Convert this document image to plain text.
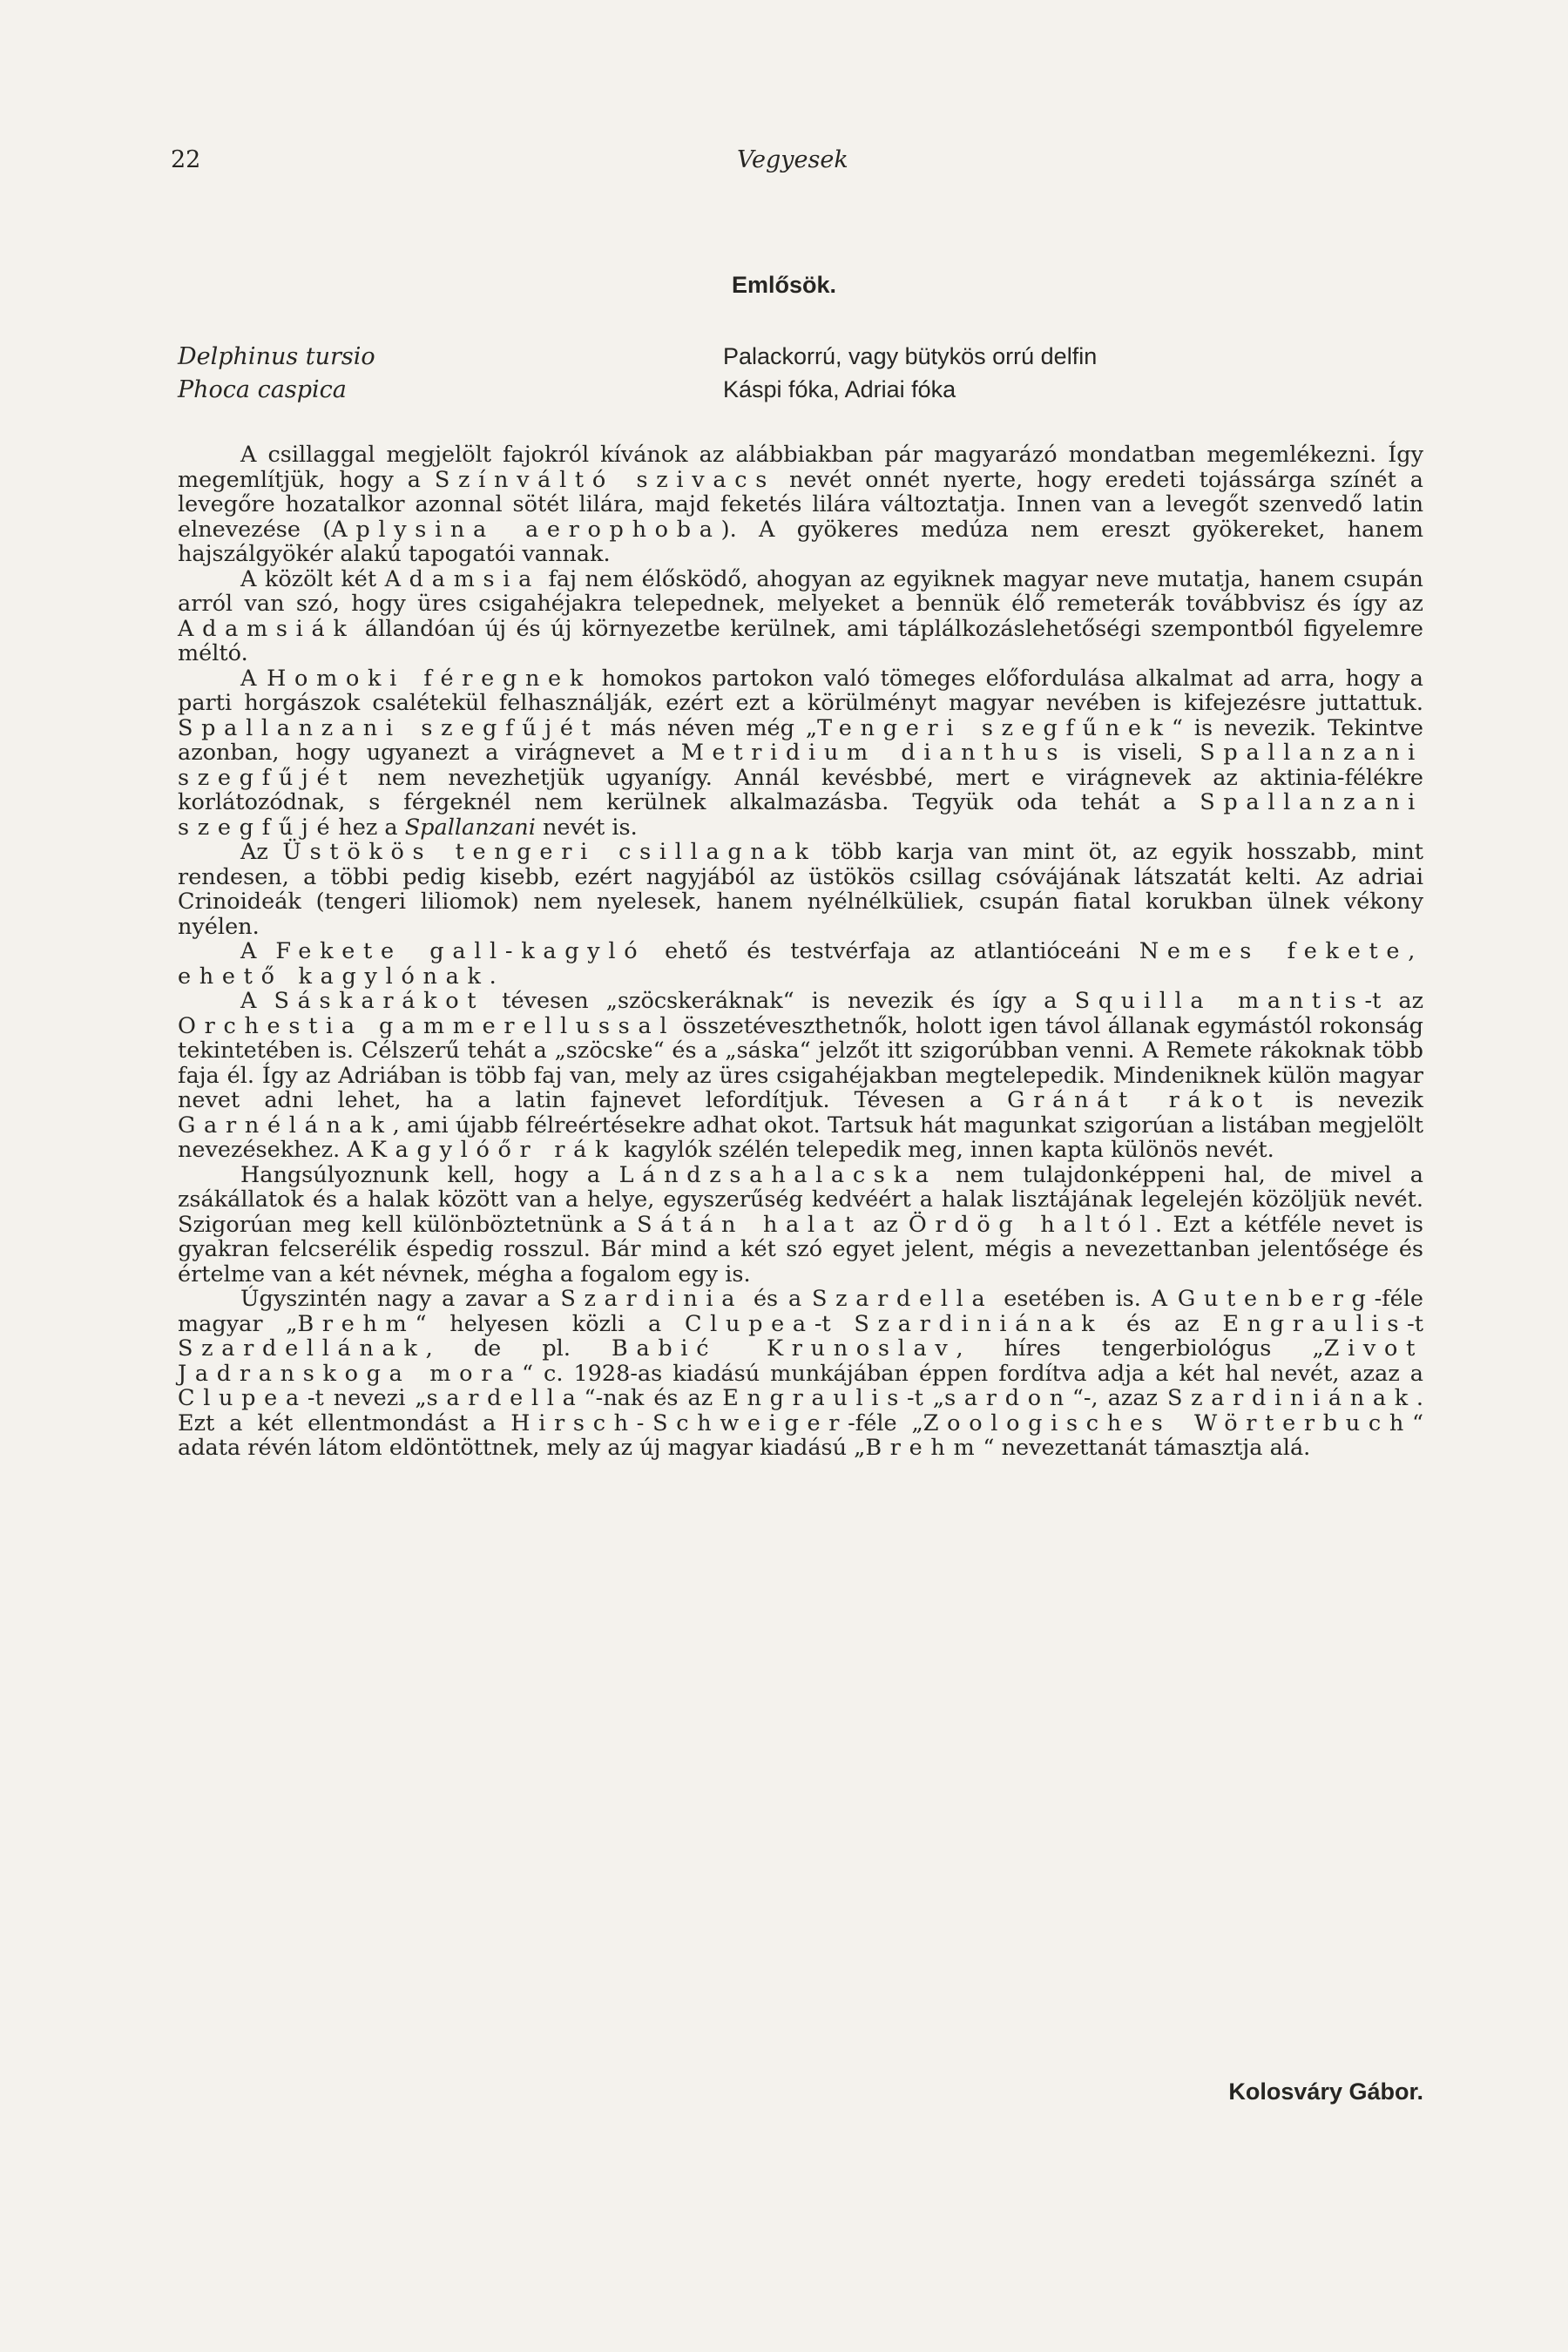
22	Vegyesek
Emlősök.
Delphinus tursio	Palackorrú, vagy bütykös orrú delfin
Phoca caspica	Káspi fóka, Adriai fóka

A csillaggal megjelölt fajokról kívánok az alábbiakban pár magyarázó mondatban megemlékezni. Így megemlítjük, hogy a Színváltó szivacs nevét onnét nyerte, hogy eredeti tojássárga színét a levegőre hozatalkor azonnal sötét lilára, majd feketés lilára változtatja. Innen van a levegőt szenvedő latin elnevezése (Aplysina aerophoba). A gyökeres medúza nem ereszt gyökereket, hanem hajszálgyökér alakú tapogatói vannak.

A közölt két Adamsia faj nem élősködő, ahogyan az egyiknek magyar neve mutatja, hanem csupán arról van szó, hogy üres csigahéjakra telepednek, melyeket a bennük élő remeterák továbbvisz és így az Adamsiák állandóan új és új környezetbe kerülnek, ami táplálkozáslehetőségi szempontból figyelemre méltó.

A Homoki féregnek homokos partokon való tömeges előfordulása alkalmat ad arra, hogy a parti horgászok csalétekül felhasználják, ezért ezt a körülményt magyar nevében is kifejezésre juttattuk. Spallanzani szegfűjét más néven még „Tengeri szegfűnek“ is nevezik. Tekintve azonban, hogy ugyanezt a virágnevet a Metridium dianthus is viseli, Spallanzani szegfűjét nem nevezhetjük ugyanígy. Annál kevésbbé, mert e virágnevek az aktinia-félékre korlátozódnak, s férgeknél nem kerülnek alkalmazásba. Tegyük oda tehát a Spallanzani szegfűjéhez a Spallanzani nevét is.

Az Üstökös tengeri csillagnak több karja van mint öt, az egyik hosszabb, mint rendesen, a többi pedig kisebb, ezért nagyjából az üstökös csillag csóvájának látszatát kelti. Az adriai Crinoideák (tengeri liliomok) nem nyelesek, hanem nyélnélküliek, csupán fiatal korukban ülnek vékony nyélen.

A Fekete gall-kagyló ehető és testvérfaja az atlantióceáni Nemes fekete, ehető kagylónak.

A Sáskarákot tévesen „szöcskeráknak“ is nevezik és így a Squilla mantis-t az Orchestia gammerellussal összetéveszthetnők, holott igen távol állanak egymástól rokonság tekintetében is. Célszerű tehát a „szöcske“ és a „sáska“ jelzőt itt szigorúbban venni. A Remete rákoknak több faja él. Így az Adriában is több faj van, mely az üres csigahéjakban megtelepedik. Mindeniknek külön magyar nevet adni lehet, ha a latin fajnevet lefordítjuk. Tévesen a Gránát rákot is nevezik Garnélának, ami újabb félreértésekre adhat okot. Tartsuk hát magunkat szigorúan a listában megjelölt nevezésekhez. A Kagylóőr rák kagylók szélén telepedik meg, innen kapta különös nevét.

Hangsúlyoznunk kell, hogy a Lándzsahalacska nem tulajdonképpeni hal, de mivel a zsákállatok és a halak között van a helye, egyszerűség kedvéért a halak lisztájának legelején közöljük nevét. Szigorúan meg kell különböztetnünk a Sátán halat az Ördög haltól. Ezt a kétféle nevet is gyakran felcserélik éspedig rosszul. Bár mind a két szó egyet jelent, mégis a nevezettanban jelentősége és értelme van a két névnek, mégha a fogalom egy is.

Úgyszintén nagy a zavar a Szardinia és a Szardella esetében is. A Gutenberg-féle magyar „Brehm“ helyesen közli a Clupea-t Szardiniának és az Engraulis-t Szardellának, de pl. Babić Krunoslav, híres tengerbiológus „Zivot Jadranskoga mora“ c. 1928-as kiadású munkájában éppen fordítva adja a két hal nevét, azaz a Clupea-t nevezi „sardella“-nak és az Engraulis-t „sardon“-, azaz Szardiniának. Ezt a két ellentmondást a Hirsch-Schweiger-féle „Zoologisches Wörterbuch“ adata révén látom eldöntöttnek, mely az új magyar kiadású „Brehm“ nevezettanát támasztja alá.

Kolosváry Gábor.
